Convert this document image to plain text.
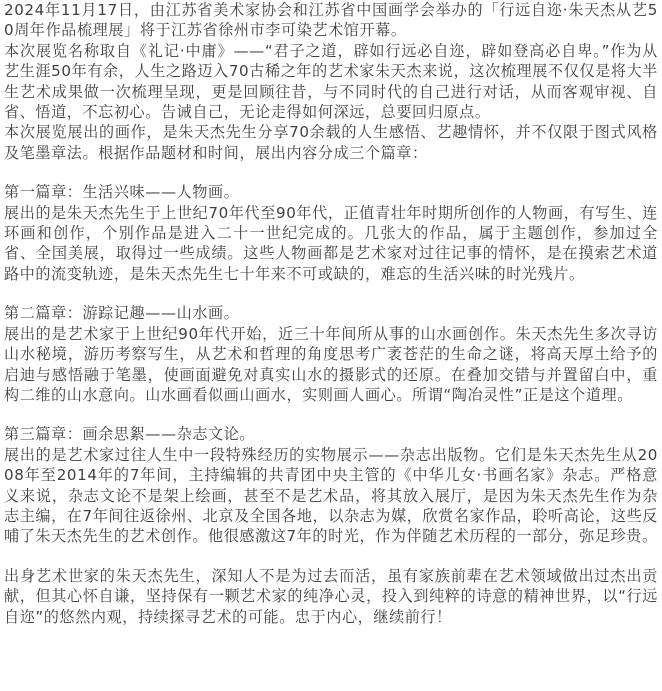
2024年11月17日，由江苏省美术家协会和江苏省中国画学会举办的「行远自迩·朱天杰从艺50周年作品梳理展」将于江苏省徐州市李可染艺术馆开幕。

本次展览名称取自《礼记·中庸》——“君子之道，辟如行远必自迩，辟如登高必自卑。”作为从艺生涯50年有余，人生之路迈入70古稀之年的艺术家朱天杰来说，这次梳理展不仅仅是将大半生艺术成果做一次梳理呈现，更是回顾往昔，与不同时代的自己进行对话，从而客观审视、自省、悟道，不忘初心。告诫自己，无论走得如何深远，总要回归原点。

本次展览展出的画作，是朱天杰先生分享70余载的人生感悟、艺趣情怀，并不仅限于图式风格及笔墨章法。根据作品题材和时间，展出内容分成三个篇章：

第一篇章：生活兴味——人物画。

展出的是朱天杰先生于上世纪70年代至90年代，正值青壮年时期所创作的人物画，有写生、连环画和创作，个别作品是进入二十一世纪完成的。几张大的作品，属于主题创作，参加过全省、全国美展，取得过一些成绩。这些人物画都是艺术家对过往记事的情怀，是在摸索艺术道路中的流变轨迹，是朱天杰先生七十年来不可或缺的，难忘的生活兴味的时光残片。

第二篇章：游踪记趣——山水画。

展出的是艺术家于上世纪90年代开始，近三十年间所从事的山水画创作。朱天杰先生多次寻访山水秘境，游历考察写生，从艺术和哲理的角度思考广袤苍茫的生命之谜，将高天厚土给予的启迪与感悟融于笔墨，使画面避免对真实山水的摄影式的还原。在叠加交错与并置留白中，重构二维的山水意向。山水画看似画山画水，实则画人画心。所谓“陶冶灵性”正是这个道理。

第三篇章：画余思絮——杂志文论。

展出的是艺术家过往人生中一段特殊经历的实物展示——杂志出版物。它们是朱天杰先生从2008年至2014年的7年间，主持编辑的共青团中央主管的《中华儿女·书画名家》杂志。严格意义来说，杂志文论不是架上绘画，甚至不是艺术品，将其放入展厅，是因为朱天杰先生作为杂志主编，在7年间往返徐州、北京及全国各地，以杂志为媒，欣赏名家作品，聆听高论，这些反哺了朱天杰先生的艺术创作。他很感激这7年的时光，作为伴随艺术历程的一部分，弥足珍贵。

出身艺术世家的朱天杰先生，深知人不是为过去而活，虽有家族前辈在艺术领域做出过杰出贡献，但其心怀自谦，坚持保有一颗艺术家的纯净心灵，投入到纯粹的诗意的精神世界，以“行远自迩”的悠然内观，持续探寻艺术的可能。忠于内心，继续前行！
